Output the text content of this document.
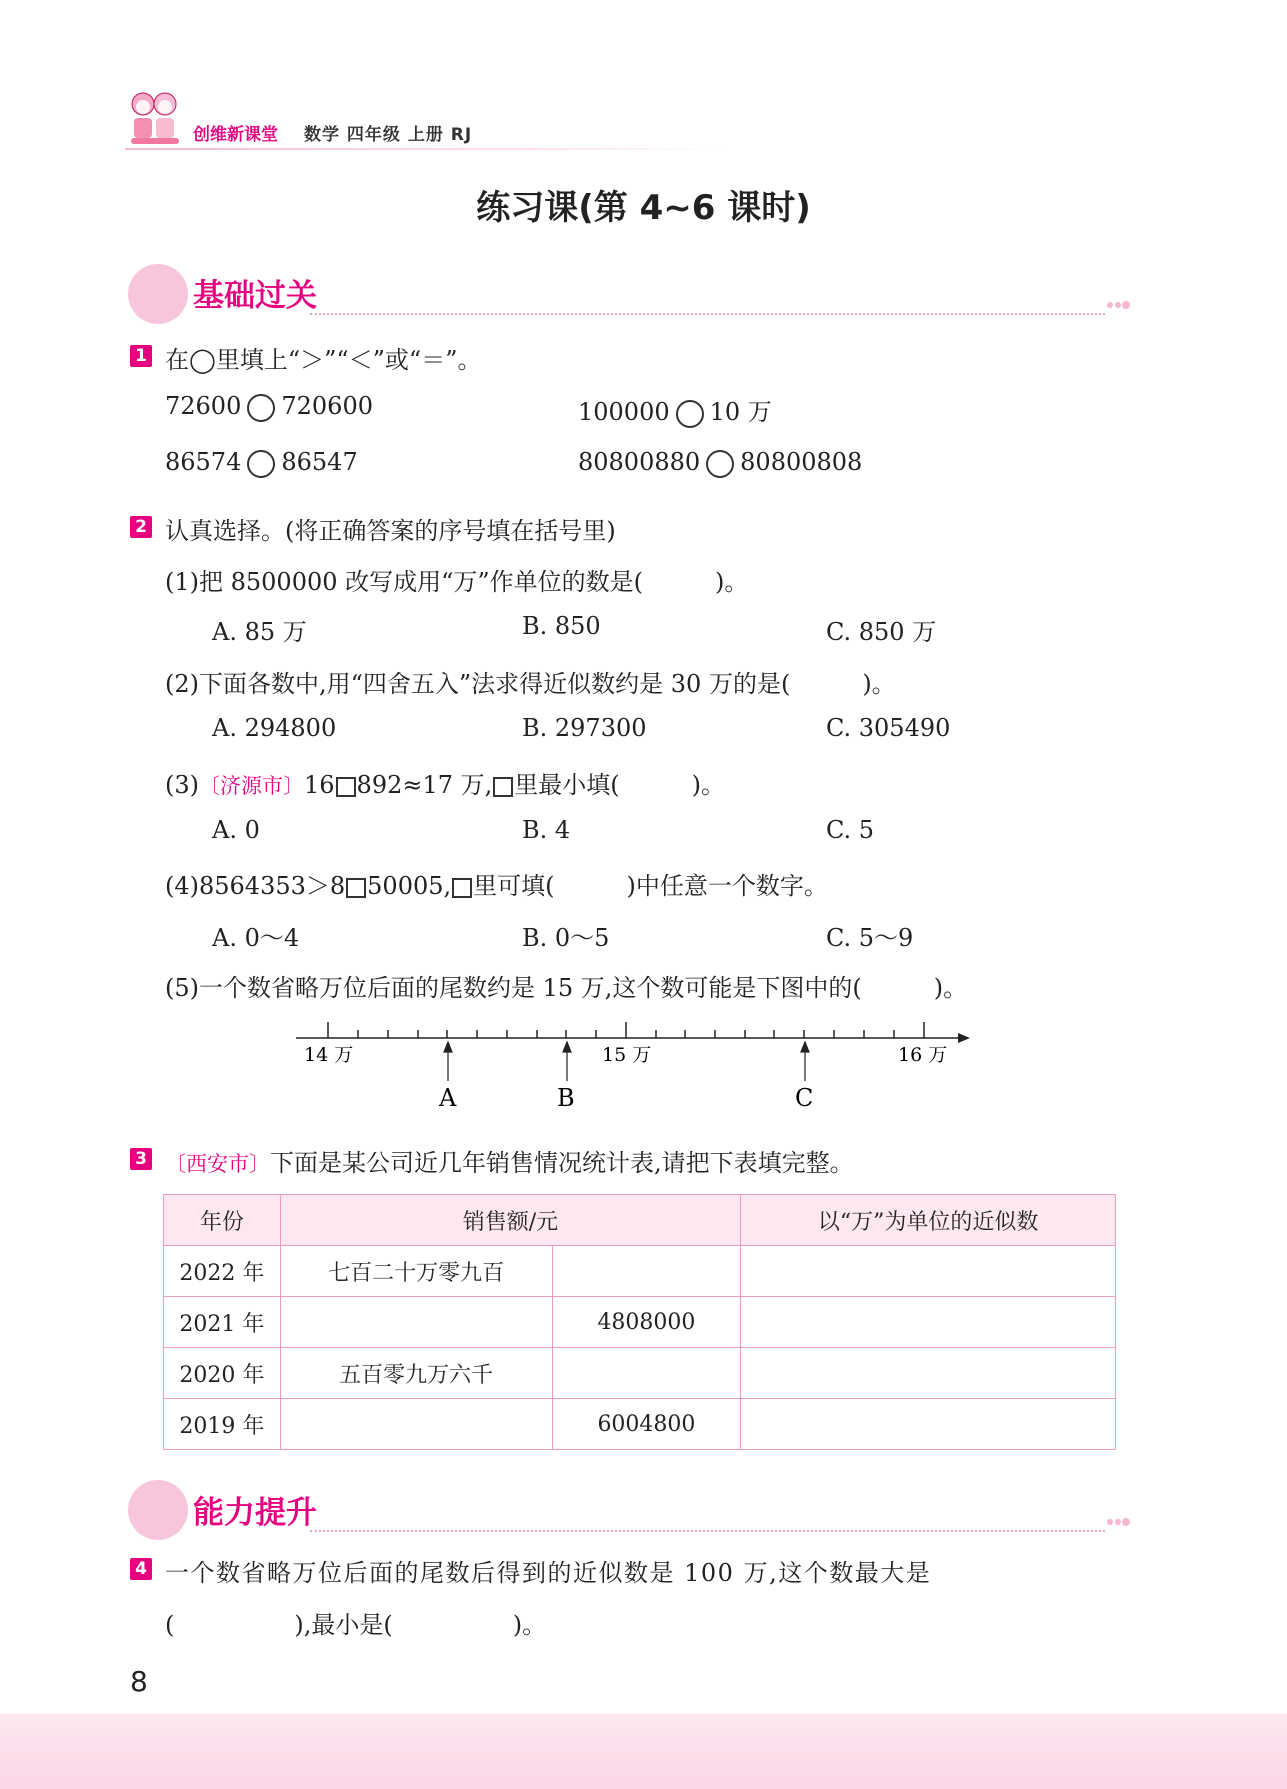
创维新课堂 数学 四年级 上册 RJ
练习课(第 4~6 课时)
基础过关
1 在◯里填上“＞”“＜”或“＝”。
72600 720600	100000 10 万
86574 86547	80800880 80800808
2 认真选择。(将正确答案的序号填在括号里)
(1)把 8500000 改写成用“万”作单位的数是(　　　)。
A. 85 万	B. 850	C. 850 万
(2)下面各数中,用“四舍五入”法求得近似数约是 30 万的是(　　　)。
A. 294800	B. 297300	C. 305490
(3)〔济源市〕16 892≈17 万, 里最小填(　　　)。
A. 0	B. 4	C. 5
(4)8564353＞8 50005, 里可填(　　　)中任意一个数字。
A. 0～4	B. 0～5	C. 5～9
(5)一个数省略万位后面的尾数约是 15 万,这个数可能是下图中的(　　　)。
14 万	15 万	16 万
A	B	C
3 〔西安市〕下面是某公司近几年销售情况统计表,请把下表填完整。
年份	销售额/元		以“万”为单位的近似数
2022 年	七百二十万零九百		
2021 年		4808000	
2020 年	五百零九万六千		
2019 年		6004800	
能力提升
4 一个数省略万位后面的尾数后得到的近似数是 100 万,这个数最大是
(　　　　　),最小是(　　　　　)。
8
